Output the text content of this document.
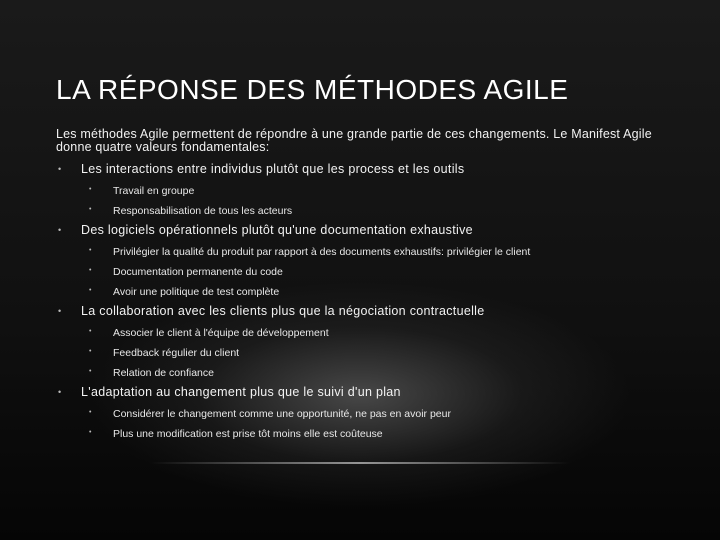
LA RÉPONSE DES MÉTHODES AGILE

Les méthodes Agile permettent de répondre à une grande partie de ces changements. Le Manifest Agile donne quatre valeurs fondamentales:

• Les interactions entre individus plutôt que les process et les outils
• Travail en groupe
• Responsabilisation de tous les acteurs
• Des logiciels opérationnels plutôt qu'une documentation exhaustive
• Privilégier la qualité du produit par rapport à des documents exhaustifs: privilégier le client
• Documentation permanente du code
• Avoir une politique de test complète
• La collaboration avec les clients plus que la négociation contractuelle
• Associer le client à l'équipe de développement
• Feedback régulier du client
• Relation de confiance
• L'adaptation au changement plus que le suivi d'un plan
• Considérer le changement comme une opportunité, ne pas en avoir peur
• Plus une modification est prise tôt moins elle est coûteuse
